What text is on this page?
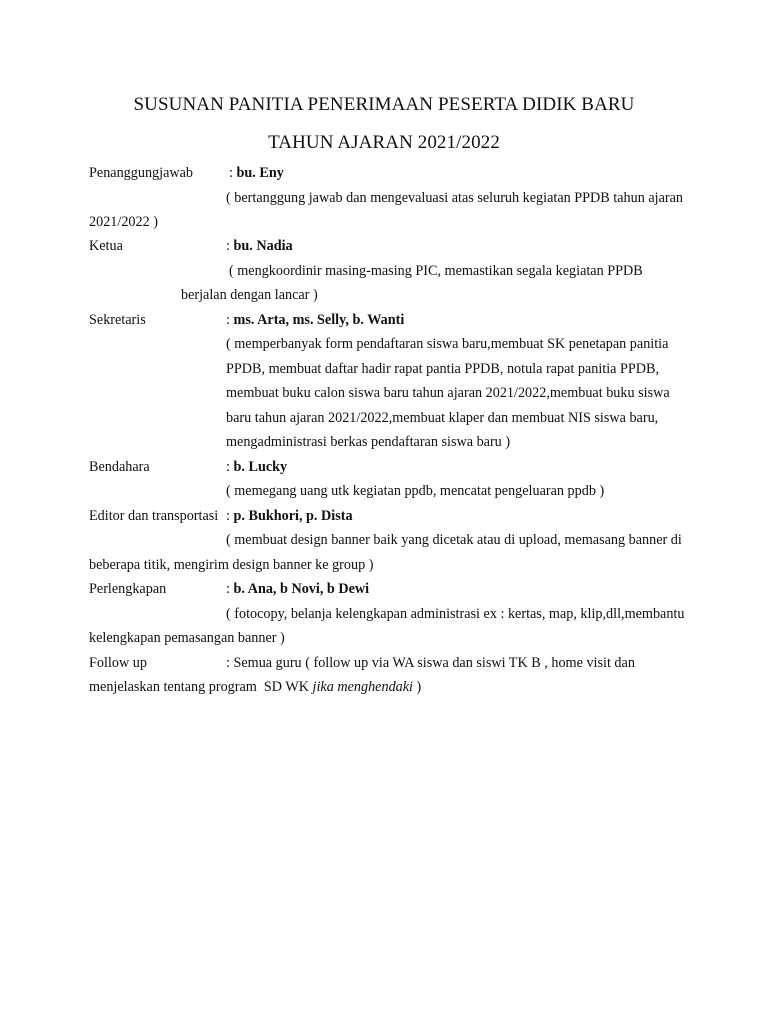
SUSUNAN PANITIA PENERIMAAN PESERTA DIDIK BARU
TAHUN AJARAN 2021/2022
Penanggungjawab	: bu. Eny
( bertanggung jawab dan mengevaluasi atas seluruh kegiatan PPDB tahun ajaran
2021/2022 )
Ketua	: bu. Nadia
( mengkoordinir masing-masing PIC, memastikan segala kegiatan PPDB
berjalan dengan lancar )
Sekretaris	: ms. Arta, ms. Selly, b. Wanti
( memperbanyak form pendaftaran siswa baru,membuat SK penetapan panitia
PPDB, membuat daftar hadir rapat pantia PPDB, notula rapat panitia PPDB,
membuat buku calon siswa baru tahun ajaran 2021/2022,membuat buku siswa
baru tahun ajaran 2021/2022,membuat klaper dan membuat NIS siswa baru,
mengadministrasi berkas pendaftaran siswa baru )
Bendahara	: b. Lucky
( memegang uang utk kegiatan ppdb, mencatat pengeluaran ppdb )
Editor dan transportasi : p. Bukhori, p. Dista
( membuat design banner baik yang dicetak atau di upload, memasang banner di
beberapa titik, mengirim design banner ke group )
Perlengkapan	: b. Ana, b Novi, b Dewi
( fotocopy, belanja kelengkapan administrasi ex : kertas, map, klip,dll,membantu
kelengkapan pemasangan banner )
Follow up	: Semua guru ( follow up via WA siswa dan siswi TK B , home visit dan
menjelaskan tentang program  SD WK jika menghendaki )
